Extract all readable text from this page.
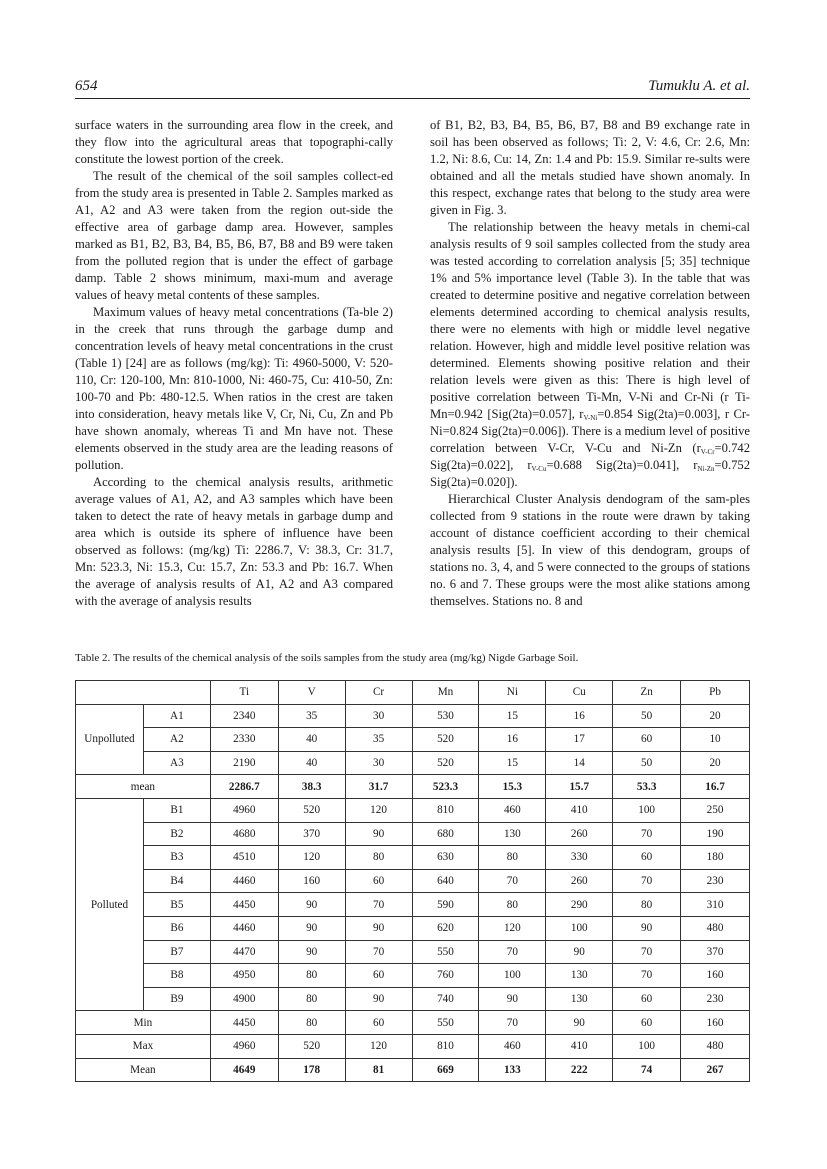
654	Tumuklu A. et al.

surface waters in the surrounding area flow in the creek, and they flow into the agricultural areas that topographi-cally constitute the lowest portion of the creek.

The result of the chemical of the soil samples collect-ed from the study area is presented in Table 2. Samples marked as A1, A2 and A3 were taken from the region out-side the effective area of garbage damp area. However, samples marked as B1, B2, B3, B4, B5, B6, B7, B8 and B9 were taken from the polluted region that is under the effect of garbage damp. Table 2 shows minimum, maxi-mum and average values of heavy metal contents of these samples.

Maximum values of heavy metal concentrations (Ta-ble 2) in the creek that runs through the garbage dump and concentration levels of heavy metal concentrations in the crust (Table 1) [24] are as follows (mg/kg): Ti: 4960-5000, V: 520-110, Cr: 120-100, Mn: 810-1000, Ni: 460-75, Cu: 410-50, Zn: 100-70 and Pb: 480-12.5. When ratios in the crest are taken into consideration, heavy metals like V, Cr, Ni, Cu, Zn and Pb have shown anomaly, whereas Ti and Mn have not. These elements observed in the study area are the leading reasons of pollution.

According to the chemical analysis results, arithmetic average values of A1, A2, and A3 samples which have been taken to detect the rate of heavy metals in garbage dump and area which is outside its sphere of influence have been observed as follows: (mg/kg) Ti: 2286.7, V: 38.3, Cr: 31.7, Mn: 523.3, Ni: 15.3, Cu: 15.7, Zn: 53.3 and Pb: 16.7. When the average of analysis results of A1, A2 and A3 compared with the average of analysis results

of B1, B2, B3, B4, B5, B6, B7, B8 and B9 exchange rate in soil has been observed as follows; Ti: 2, V: 4.6, Cr: 2.6, Mn: 1.2, Ni: 8.6, Cu: 14, Zn: 1.4 and Pb: 15.9. Similar re-sults were obtained and all the metals studied have shown anomaly. In this respect, exchange rates that belong to the study area were given in Fig. 3.

The relationship between the heavy metals in chemi-cal analysis results of 9 soil samples collected from the study area was tested according to correlation analysis [5; 35] technique 1% and 5% importance level (Table 3). In the table that was created to determine positive and negative correlation between elements determined according to chemical analysis results, there were no elements with high or middle level negative relation. However, high and middle level positive relation was determined. Elements showing positive relation and their relation levels were given as this: There is high level of positive correlation between Ti-Mn, V-Ni and Cr-Ni (r Ti-Mn=0.942 [Sig(2ta)=0.057], $r_{V-Ni}=0.854$ Sig(2ta)=0.003], r Cr-Ni=0.824 Sig(2ta)=0.006]). There is a medium level of positive correlation between V-Cr, V-Cu and Ni-Zn ($r_{V-Cr}=0.742$ Sig(2ta)=0.022], $r_{V-Cu}=0.688$ Sig(2ta)=0.041], $r_{Ni-Zn}=0.752$ Sig(2ta)=0.020]).

Hierarchical Cluster Analysis dendogram of the sam-ples collected from 9 stations in the route were drawn by taking account of distance coefficient according to their chemical analysis results [5]. In view of this dendogram, groups of stations no. 3, 4, and 5 were connected to the groups of stations no. 6 and 7. These groups were the most alike stations among themselves. Stations no. 8 and

Table 2. The results of the chemical analysis of the soils samples from the study area (mg/kg) Nigde Garbage Soil.
		Ti	V	Cr	Mn	Ni	Cu	Zn	Pb
Unpolluted	A1	2340	35	30	530	15	16	50	20
	A2	2330	40	35	520	16	17	60	10
	A3	2190	40	30	520	15	14	50	20
mean		2286.7	38.3	31.7	523.3	15.3	15.7	53.3	16.7
Polluted	B1	4960	520	120	810	460	410	100	250
	B2	4680	370	90	680	130	260	70	190
	B3	4510	120	80	630	80	330	60	180
	B4	4460	160	60	640	70	260	70	230
	B5	4450	90	70	590	80	290	80	310
	B6	4460	90	90	620	120	100	90	480
	B7	4470	90	70	550	70	90	70	370
	B8	4950	80	60	760	100	130	70	160
	B9	4900	80	90	740	90	130	60	230
Min		4450	80	60	550	70	90	60	160
Max		4960	520	120	810	460	410	100	480
Mean		4649	178	81	669	133	222	74	267
